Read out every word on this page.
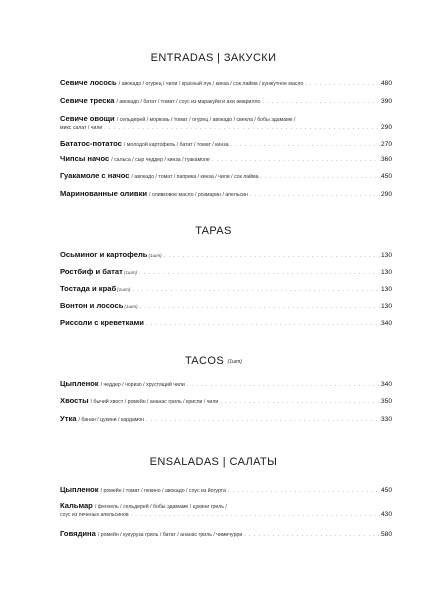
ENTRADAS | ЗАКУСКИ
Севиче лосось / авокадо / огурец / чили / красный лук / кинза / сок лайма / кунжутное масло . . .	480
Севиче треска / авокадо / батат / томат / соус из маракуйи и ахи амарилло . . .	390
Севиче овощи / сельдерей / морковь / томат / огурец / авокадо / свекла / бобы эдамаме /
микс салат / чили . . .	290
Бататос-потатос / молодой картофель / батат / томат / кинза . . .	270
Чипсы начос / сальса / сыр чеддер / кинза / гуакамоле . . .	360
Гуакамоле с начос / авокадо / томат / паприка / кинза / чили / сок лайма . . .	450
Маринованные оливки / оливковое масло / розмарин / апельсин . . .	290
TAPAS
Осьминог и картофель (1шт) . . .	130
Ростбиф и батат (1шт) . . .	130
Тостада и краб (1шт) . . .	130
Вонтон и лосось (1шт) . . .	130
Риссоли с креветками . . .	340
TACOS (1шт)
Цыпленок / чеддер / чоризо / хрустящий чили . . .	340
Хвосты / бычий хвост / ромейн / ананас гриль / криспи / чили . . .	350
Утка / банан / цукини / кардамон . . .	330
ENSALADAS | САЛАТЫ
Цыпленок / ромейн / томат / пекино / авокадо / соус из йогурта . . .	450
Кальмар / фенхель / сельдерей / бобы эдамаме / цукини гриль /
соус из печеных апельсинов . . .	430
Говядина / ромейн / кукуруза гриль / батат / ананас гриль / чимичурри . . .	580
